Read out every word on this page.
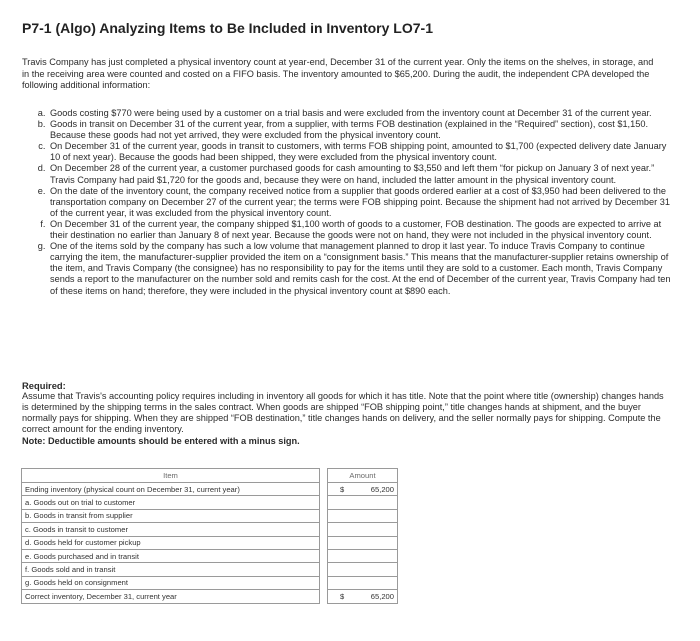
P7-1 (Algo) Analyzing Items to Be Included in Inventory LO7-1
Travis Company has just completed a physical inventory count at year-end, December 31 of the current year. Only the items on the shelves, in storage, and in the receiving area were counted and costed on a FIFO basis. The inventory amounted to $65,200. During the audit, the independent CPA developed the following additional information:
a. Goods costing $770 were being used by a customer on a trial basis and were excluded from the inventory count at December 31 of the current year.
b. Goods in transit on December 31 of the current year, from a supplier, with terms FOB destination (explained in the “Required” section), cost $1,150. Because these goods had not yet arrived, they were excluded from the physical inventory count.
c. On December 31 of the current year, goods in transit to customers, with terms FOB shipping point, amounted to $1,700 (expected delivery date January 10 of next year). Because the goods had been shipped, they were excluded from the physical inventory count.
d. On December 28 of the current year, a customer purchased goods for cash amounting to $3,550 and left them “for pickup on January 3 of next year.” Travis Company had paid $1,720 for the goods and, because they were on hand, included the latter amount in the physical inventory count.
e. On the date of the inventory count, the company received notice from a supplier that goods ordered earlier at a cost of $3,950 had been delivered to the transportation company on December 27 of the current year; the terms were FOB shipping point. Because the shipment had not arrived by December 31 of the current year, it was excluded from the physical inventory count.
f. On December 31 of the current year, the company shipped $1,100 worth of goods to a customer, FOB destination. The goods are expected to arrive at their destination no earlier than January 8 of next year. Because the goods were not on hand, they were not included in the physical inventory count.
g. One of the items sold by the company has such a low volume that management planned to drop it last year. To induce Travis Company to continue carrying the item, the manufacturer-supplier provided the item on a “consignment basis.” This means that the manufacturer-supplier retains ownership of the item, and Travis Company (the consignee) has no responsibility to pay for the items until they are sold to a customer. Each month, Travis Company sends a report to the manufacturer on the number sold and remits cash for the cost. At the end of December of the current year, Travis Company had ten of these items on hand; therefore, they were included in the physical inventory count at $890 each.
Required:
Assume that Travis's accounting policy requires including in inventory all goods for which it has title. Note that the point where title (ownership) changes hands is determined by the shipping terms in the sales contract. When goods are shipped “FOB shipping point,” title changes hands at shipment, and the buyer normally pays for shipping. When they are shipped “FOB destination,” title changes hands on delivery, and the seller normally pays for shipping. Compute the correct amount for the ending inventory.
Note: Deductible amounts should be entered with a minus sign.
Item		Amount
Ending inventory (physical count on December 31, current year)		$ 65,200

a. Goods out on trial to customer		

b. Goods in transit from supplier		

c. Goods in transit to customer		

d. Goods held for customer pickup		

e. Goods purchased and in transit		

f. Goods sold and in transit		

g. Goods held on consignment		

Correct inventory, December 31, current year		$ 65,200
